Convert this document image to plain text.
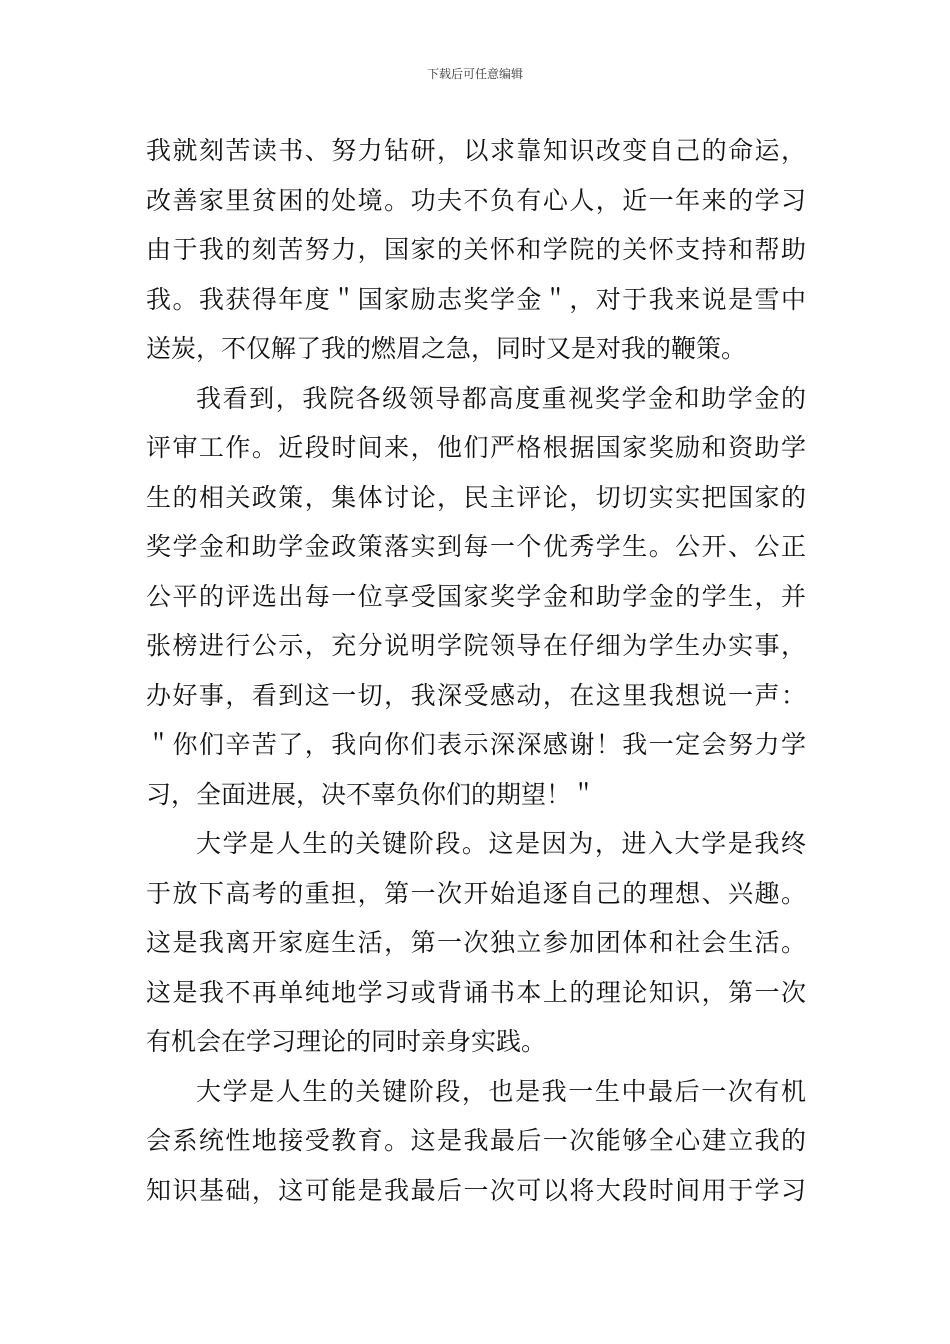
下载后可任意编辑
我就刻苦读书、努力钻研，以求靠知识改变自己的命运，
改善家里贫困的处境。功夫不负有心人，近一年来的学习
由于我的刻苦努力，国家的关怀和学院的关怀支持和帮助
我。我获得年度＂国家励志奖学金＂，对于我来说是雪中
送炭，不仅解了我的燃眉之急，同时又是对我的鞭策。
我看到，我院各级领导都高度重视奖学金和助学金的
评审工作。近段时间来，他们严格根据国家奖励和资助学
生的相关政策，集体讨论，民主评论，切切实实把国家的
奖学金和助学金政策落实到每一个优秀学生。公开、公正
公平的评选出每一位享受国家奖学金和助学金的学生，并
张榜进行公示，充分说明学院领导在仔细为学生办实事，
办好事，看到这一切，我深受感动，在这里我想说一声：
＂你们辛苦了，我向你们表示深深感谢！我一定会努力学
习，全面进展，决不辜负你们的期望！＂
大学是人生的关键阶段。这是因为，进入大学是我终
于放下高考的重担，第一次开始追逐自己的理想、兴趣。
这是我离开家庭生活，第一次独立参加团体和社会生活。
这是我不再单纯地学习或背诵书本上的理论知识，第一次
有机会在学习理论的同时亲身实践。
大学是人生的关键阶段，也是我一生中最后一次有机
会系统性地接受教育。这是我最后一次能够全心建立我的
知识基础，这可能是我最后一次可以将大段时间用于学习
